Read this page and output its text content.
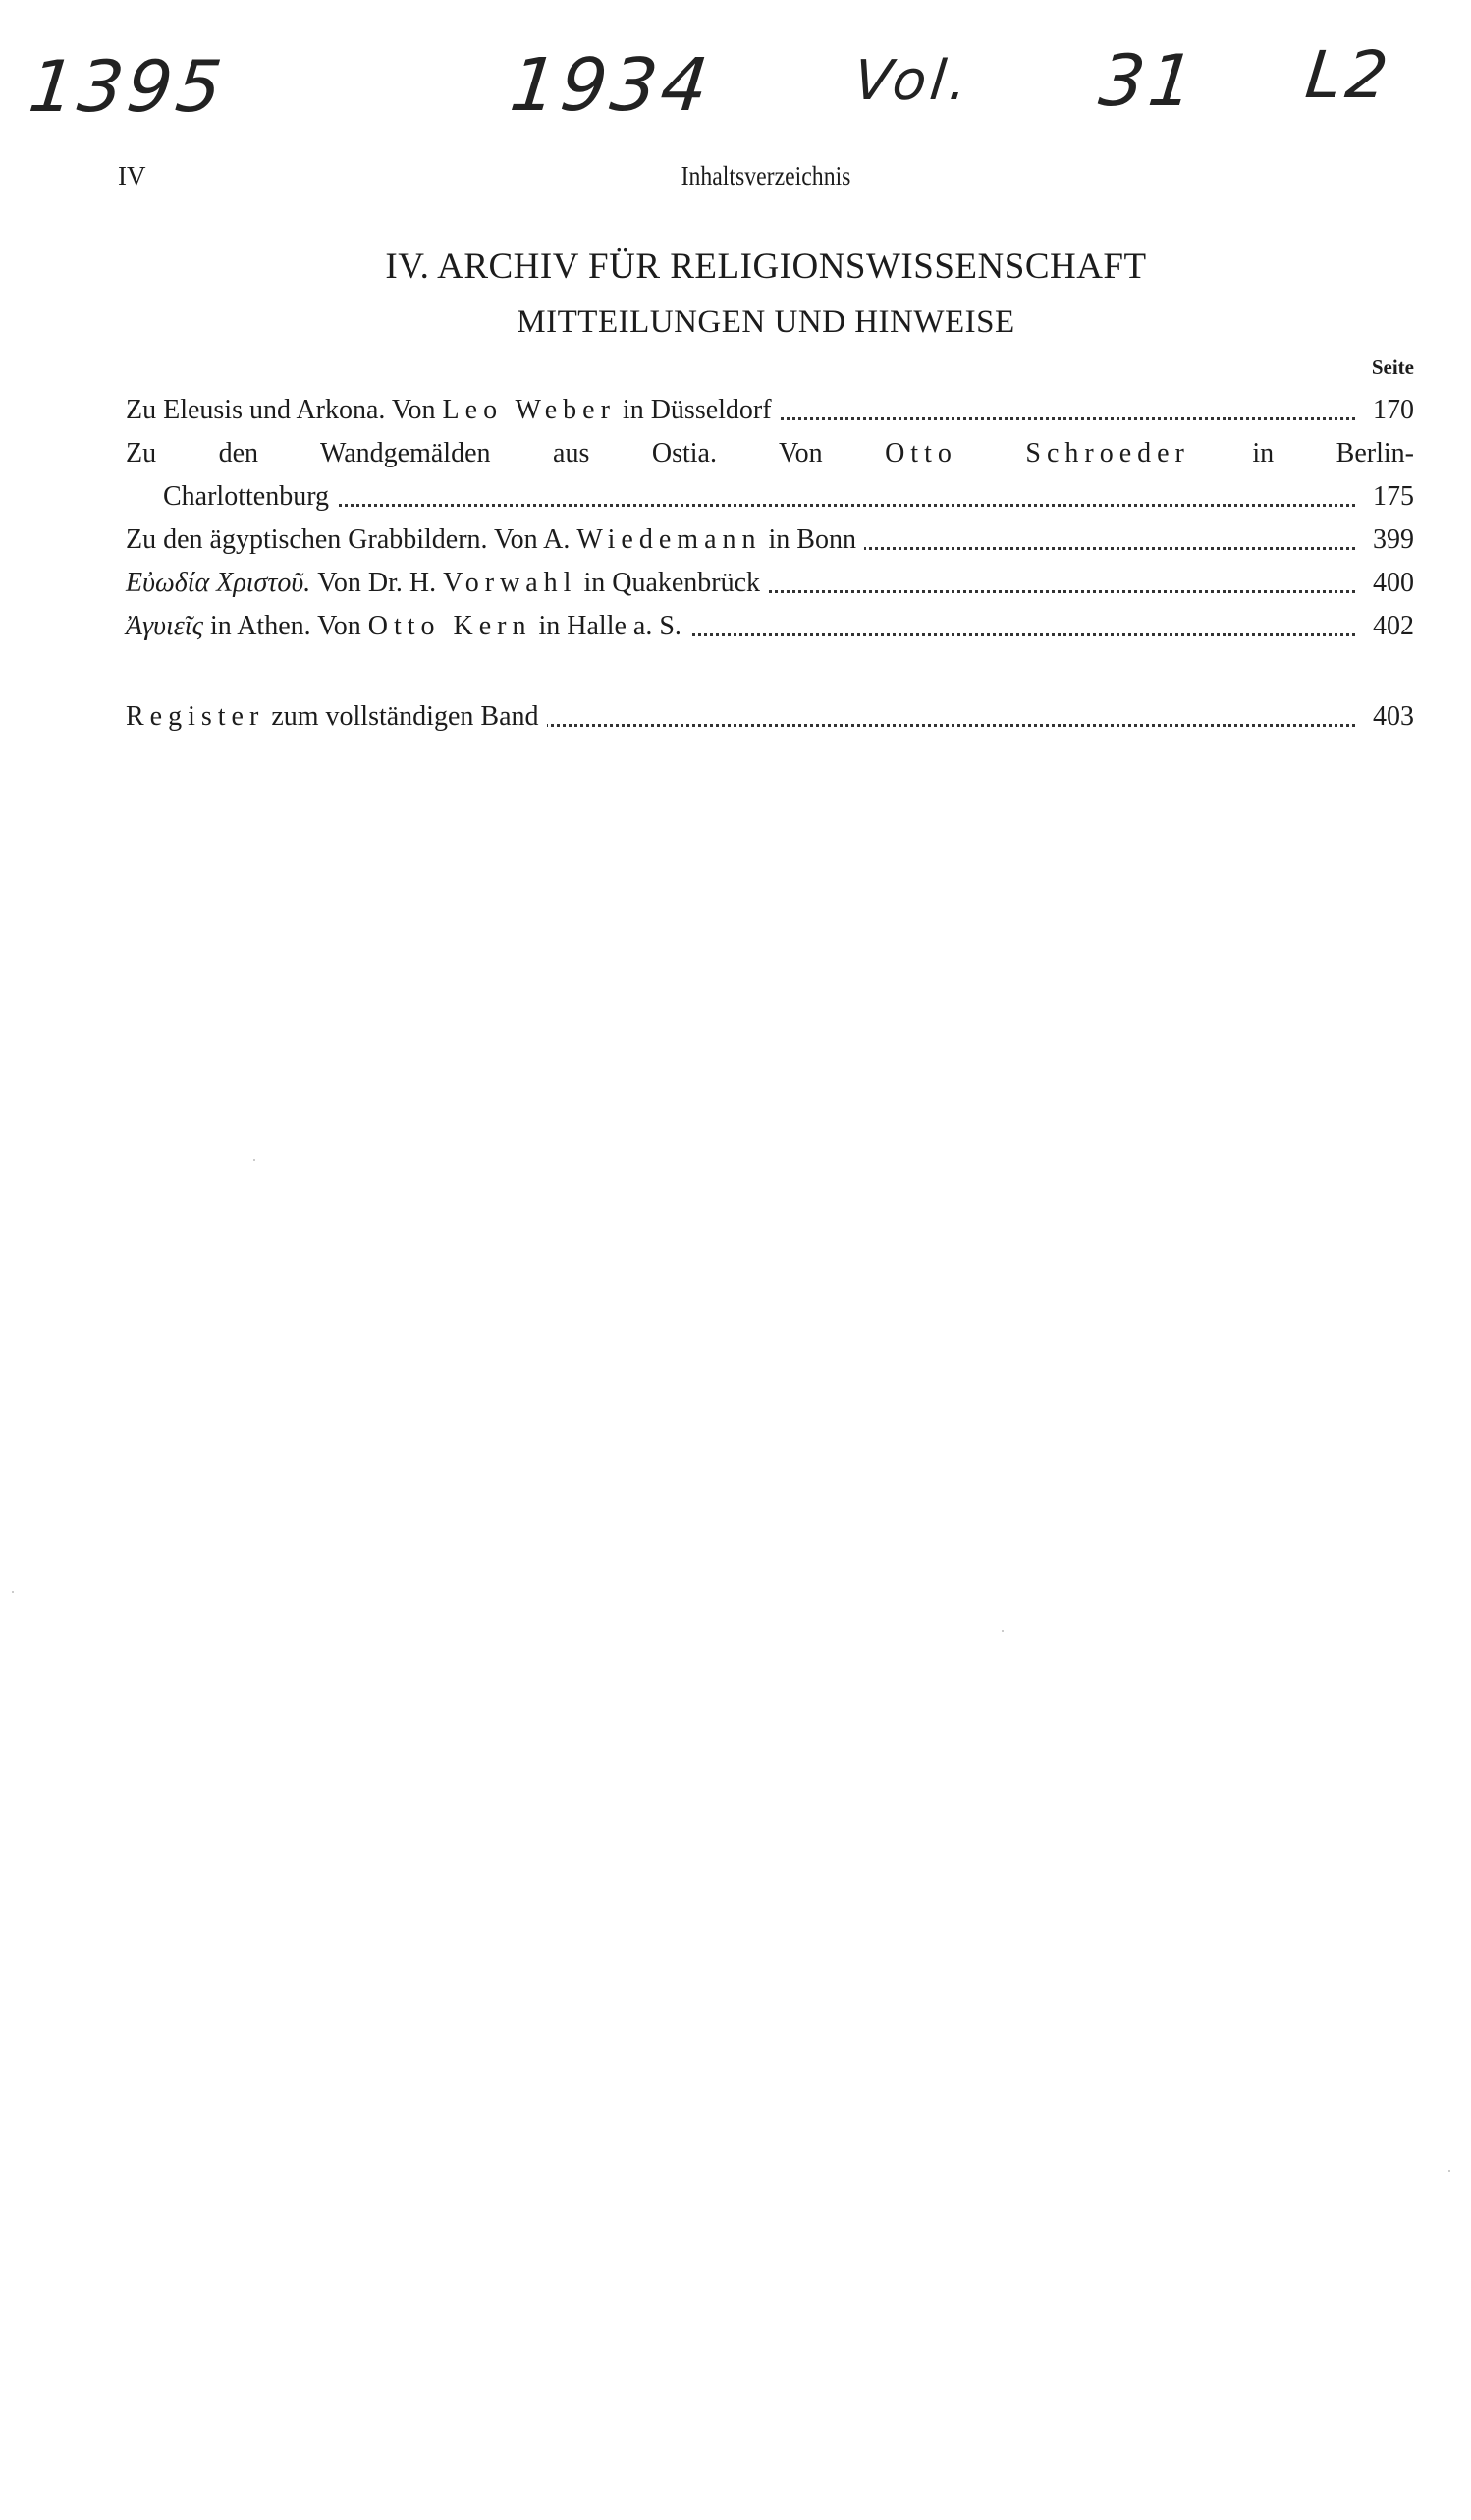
1395	1934 Vol. 31 L2
IV	Inhaltsverzeichnis
IV. ARCHIV FÜR RELIGIONSWISSENSCHAFT
MITTEILUNGEN UND HINWEISE
Seite
Zu Eleusis und Arkona. Von Leo Weber in Düsseldorf	170
Zu den Wandgemälden aus Ostia. Von Otto Schroeder in Berlin-
Charlottenburg	175
Zu den ägyptischen Grabbildern. Von A. Wiedemann in Bonn	399
Εὐωδία Χριστοῦ. Von Dr. H. Vorwahl in Quakenbrück	400
Ἀγυιεῖς in Athen. Von Otto Kern in Halle a. S.	402
Register zum vollständigen Band	403
